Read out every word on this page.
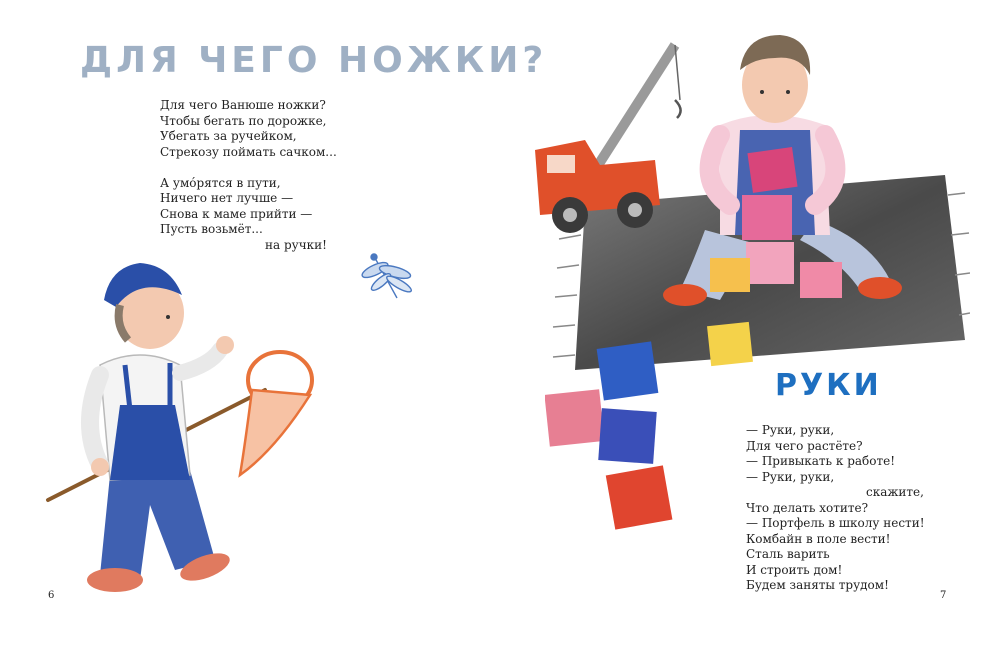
ДЛЯ ЧЕГО НОЖКИ?
Для чего Ванюше ножки?
Чтобы бегать по дорожке,
Убегать за ручейком,
Стрекозу поймать сачком...
А умóрятся в пути,
Ничего нет лучше —
Снова к маме прийти —
Пусть возьмёт...
на ручки!
6
РУКИ
— Руки, руки,
Для чего растёте?
— Привыкать к работе!
— Руки, руки,
скажите,
Что делать хотите?
— Портфель в школу нести!
Комбайн в поле вести!
Сталь варить
И строить дом!
Будем заняты трудом!
7
